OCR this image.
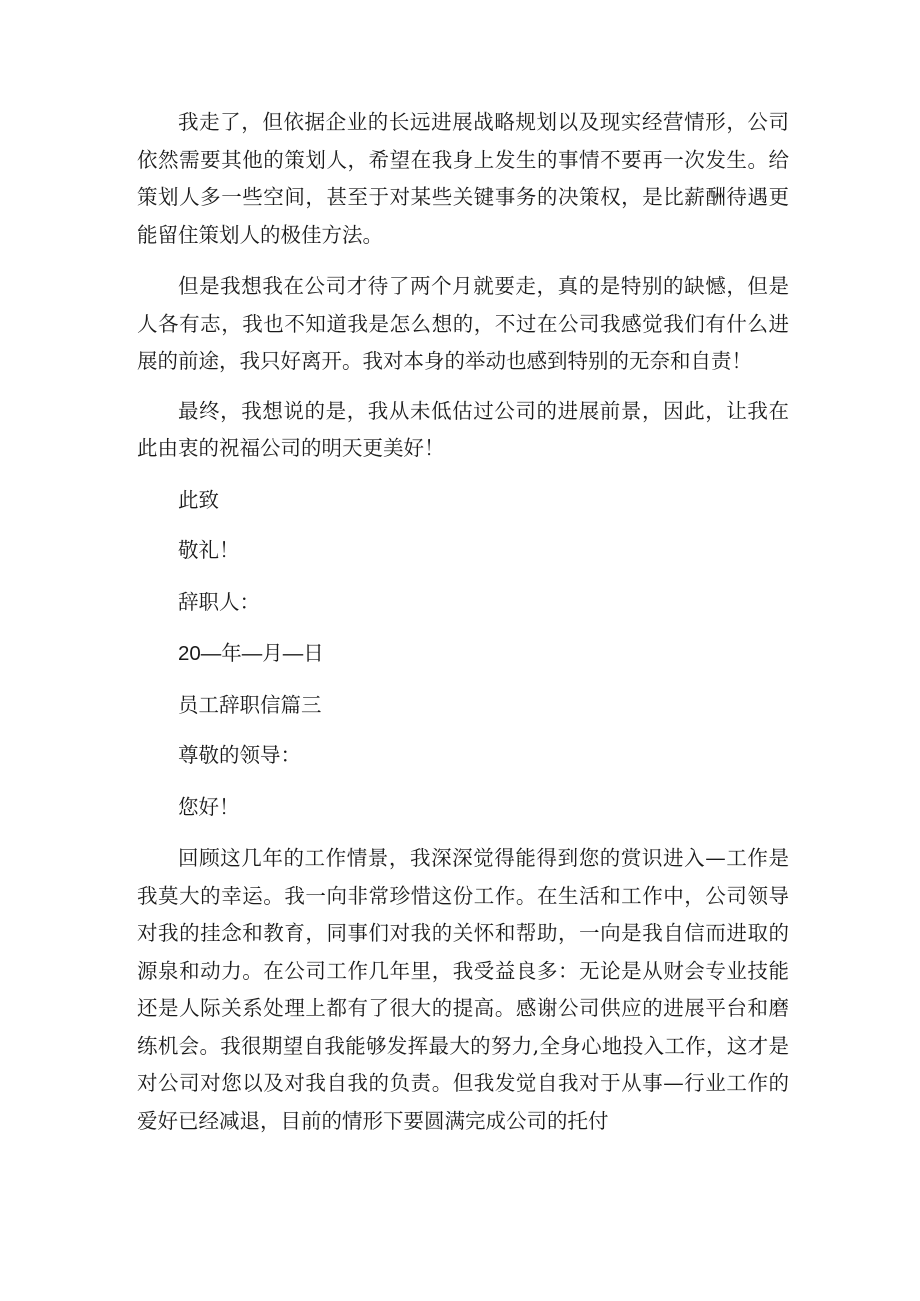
我走了，但依据企业的长远进展战略规划以及现实经营情形，公司依然需要其他的策划人，希望在我身上发生的事情不要再一次发生。给策划人多一些空间，甚至于对某些关键事务的决策权，是比薪酬待遇更能留住策划人的极佳方法。

但是我想我在公司才待了两个月就要走，真的是特别的缺憾，但是人各有志，我也不知道我是怎么想的，不过在公司我感觉我们有什么进展的前途，我只好离开。我对本身的举动也感到特别的无奈和自责！

最终，我想说的是，我从未低估过公司的进展前景，因此，让我在此由衷的祝福公司的明天更美好！

此致

敬礼！

辞职人：

20—年—月—日

员工辞职信篇三

尊敬的领导：

您好！

回顾这几年的工作情景，我深深觉得能得到您的赏识进入—工作是我莫大的幸运。我一向非常珍惜这份工作。在生活和工作中，公司领导对我的挂念和教育，同事们对我的关怀和帮助，一向是我自信而进取的源泉和动力。在公司工作几年里，我受益良多：无论是从财会专业技能还是人际关系处理上都有了很大的提高。感谢公司供应的进展平台和磨练机会。我很期望自我能够发挥最大的努力,全身心地投入工作，这才是对公司对您以及对我自我的负责。但我发觉自我对于从事—行业工作的爱好已经减退，目前的情形下要圆满完成公司的托付
